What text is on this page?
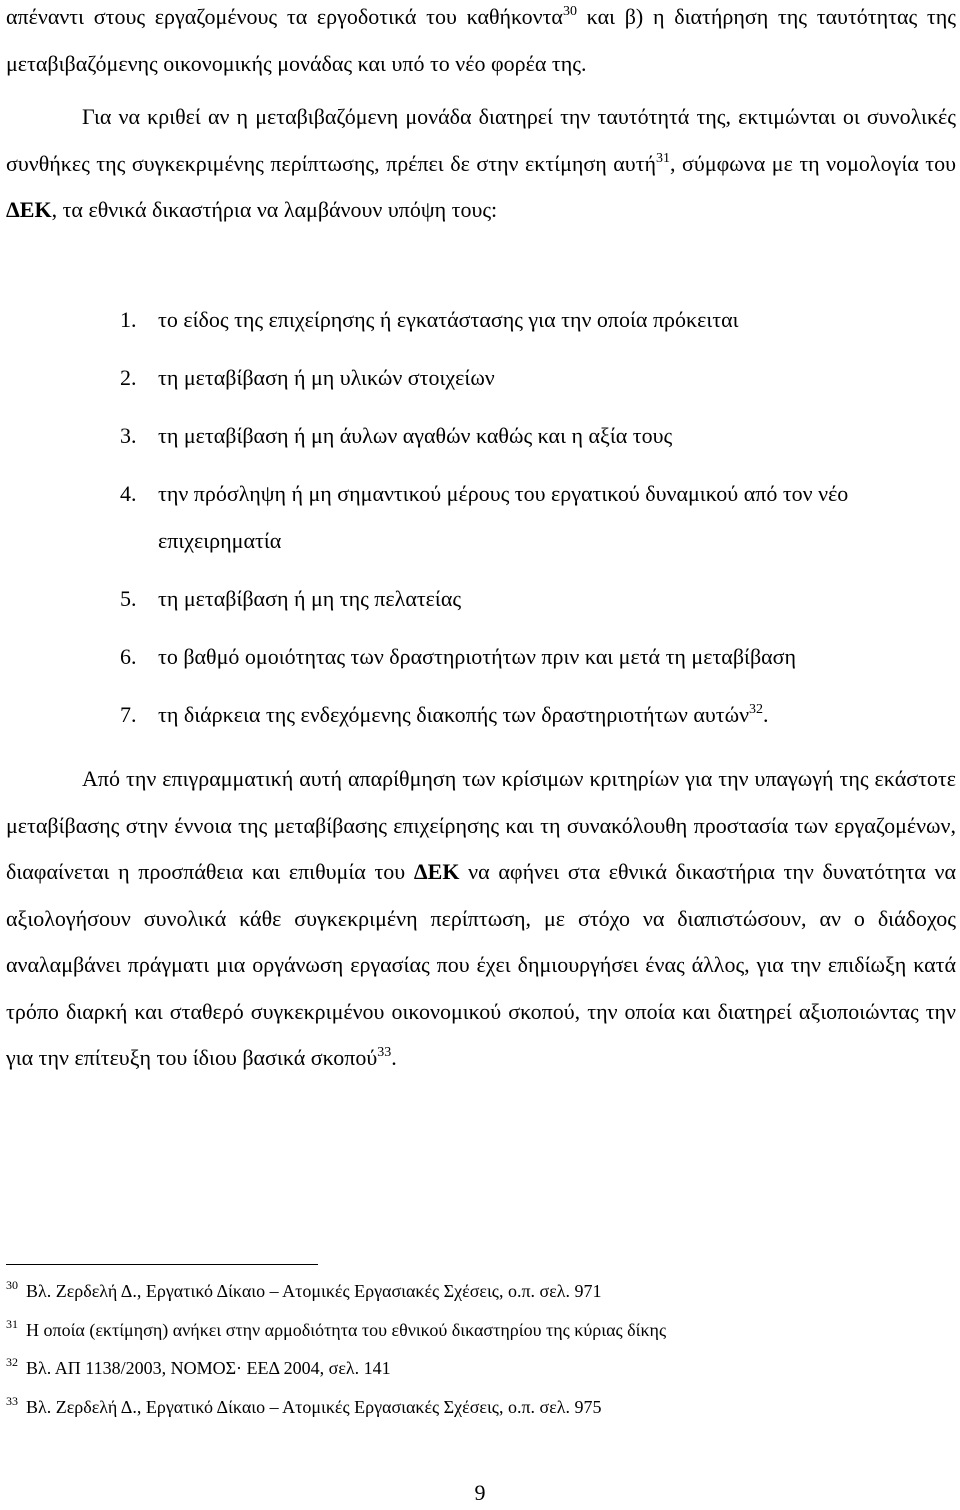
απέναντι στους εργαζομένους τα εργοδοτικά του καθήκοντα$^{30}$ και β) η διατήρηση της ταυτότητας της μεταβιβαζόμενης οικονομικής μονάδας και υπό το νέο φορέα της.

Για να κριθεί αν η μεταβιβαζόμενη μονάδα διατηρεί την ταυτότητά της, εκτιμώνται οι συνολικές συνθήκες της συγκεκριμένης περίπτωσης, πρέπει δε στην εκτίμηση αυτή$^{31}$, σύμφωνα με τη νομολογία του ΔΕΚ, τα εθνικά δικαστήρια να λαμβάνουν υπόψη τους:

1. το είδος της επιχείρησης ή εγκατάστασης για την οποία πρόκειται
2. τη μεταβίβαση ή μη υλικών στοιχείων
3. τη μεταβίβαση ή μη άυλων αγαθών καθώς και η αξία τους
4. την πρόσληψη ή μη σημαντικού μέρους του εργατικού δυναμικού από τον νέο επιχειρηματία
5. τη μεταβίβαση ή μη της πελατείας
6. το βαθμό ομοιότητας των δραστηριοτήτων πριν και μετά τη μεταβίβαση
7. τη διάρκεια της ενδεχόμενης διακοπής των δραστηριοτήτων αυτών$^{32}$.

Από την επιγραμματική αυτή απαρίθμηση των κρίσιμων κριτηρίων για την υπαγωγή της εκάστοτε μεταβίβασης στην έννοια της μεταβίβασης επιχείρησης και τη συνακόλουθη προστασία των εργαζομένων, διαφαίνεται η προσπάθεια και επιθυμία του ΔΕΚ να αφήνει στα εθνικά δικαστήρια την δυνατότητα να αξιολογήσουν συνολικά κάθε συγκεκριμένη περίπτωση, με στόχο να διαπιστώσουν, αν ο διάδοχος αναλαμβάνει πράγματι μια οργάνωση εργασίας που έχει δημιουργήσει ένας άλλος, για την επιδίωξη κατά τρόπο διαρκή και σταθερό συγκεκριμένου οικονομικού σκοπού, την οποία και διατηρεί αξιοποιώντας την για την επίτευξη του ίδιου βασικά σκοπού$^{33}$.

$^{30}$ Βλ. Ζερδελή Δ., Εργατικό Δίκαιο – Ατομικές Εργασιακές Σχέσεις, ο.π. σελ. 971

$^{31}$ Η οποία (εκτίμηση) ανήκει στην αρμοδιότητα του εθνικού δικαστηρίου της κύριας δίκης

$^{32}$ Βλ. ΑΠ 1138/2003, ΝΟΜΟΣ· ΕΕΔ 2004, σελ. 141

$^{33}$ Βλ. Ζερδελή Δ., Εργατικό Δίκαιο – Ατομικές Εργασιακές Σχέσεις, ο.π. σελ. 975

9
